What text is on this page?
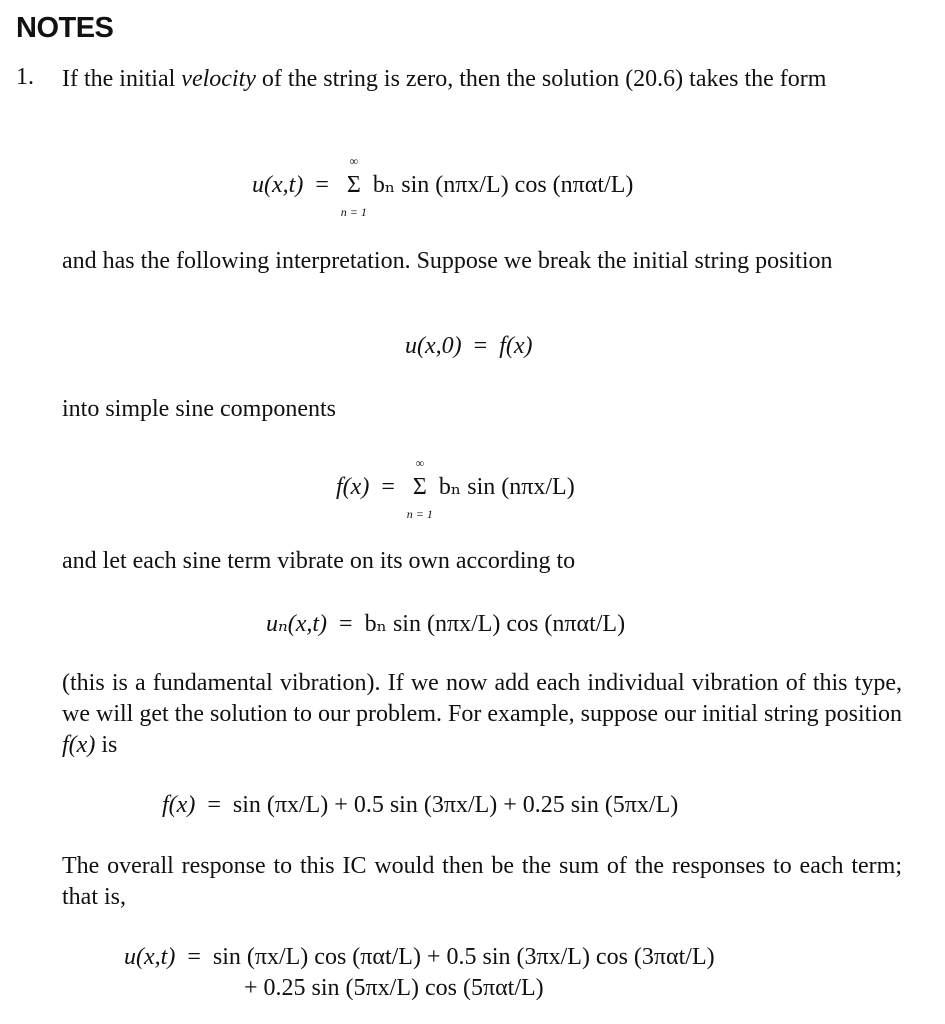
NOTES
1. If the initial velocity of the string is zero, then the solution (20.6) takes the form
u(x,t) =
∞
Σ
n = 1
bₙ sin (nπx/L) cos (nπαt/L)
and has the following interpretation. Suppose we break the initial string position
u(x,0) = f(x)
into simple sine components
f(x) =
∞
Σ
n = 1
bₙ sin (nπx/L)
and let each sine term vibrate on its own according to
uₙ(x,t) = bₙ sin (nπx/L) cos (nπαt/L)
(this is a fundamental vibration). If we now add each individual vibration of this type, we will get the solution to our problem. For example, suppose our initial string position f(x) is
f(x) = sin (πx/L) + 0.5 sin (3πx/L) + 0.25 sin (5πx/L)
The overall response to this IC would then be the sum of the responses to each term; that is,
u(x,t) = sin (πx/L) cos (παt/L) + 0.5 sin (3πx/L) cos (3παt/L)
+ 0.25 sin (5πx/L) cos (5παt/L)
